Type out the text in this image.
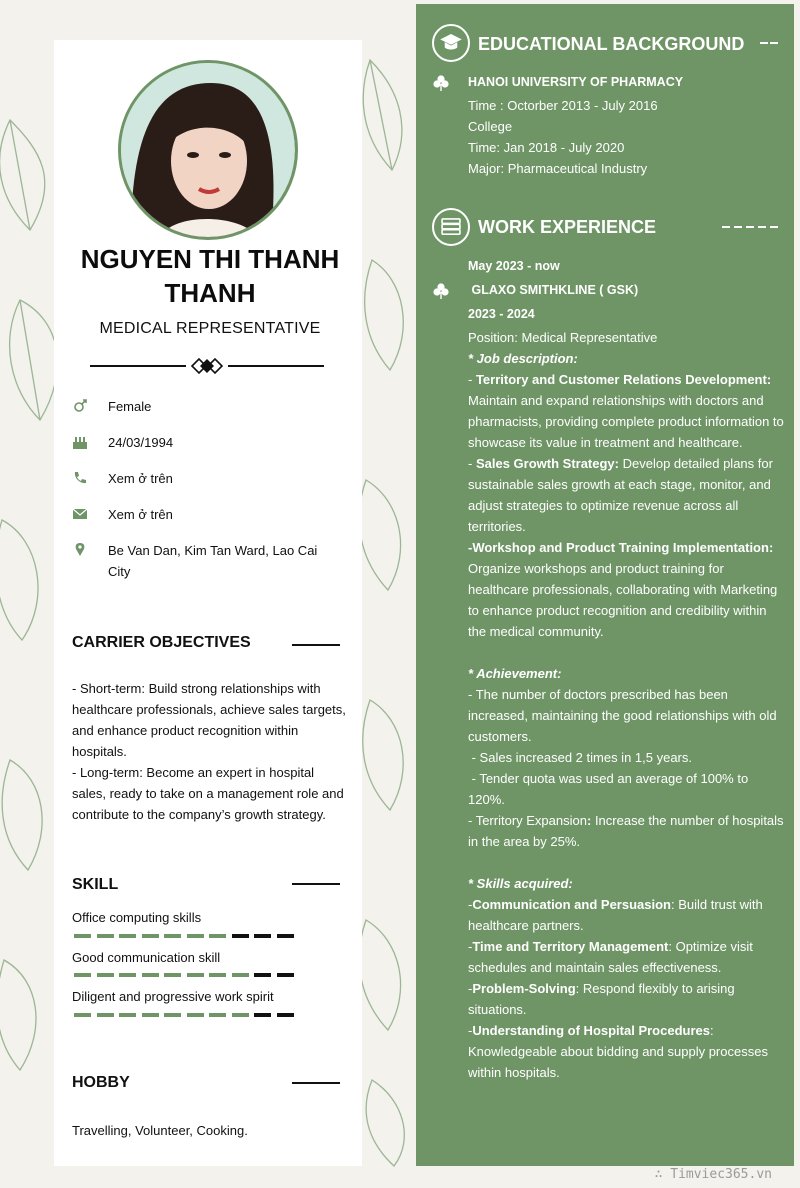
NGUYEN THI THANH THANH
MEDICAL REPRESENTATIVE
Female
24/03/1994
Xem ở trên
Xem ở trên
Be Van Dan, Kim Tan Ward, Lao Cai City
CARRIER OBJECTIVES
- Short-term: Build strong relationships with healthcare professionals, achieve sales targets, and enhance product recognition within hospitals.
- Long-term: Become an expert in hospital sales, ready to take on a management role and contribute to the company’s growth strategy.
SKILL
Office computing skills
Good communication skill
Diligent and progressive work spirit
HOBBY
Travelling, Volunteer, Cooking.
EDUCATIONAL BACKGROUND
HANOI UNIVERSITY OF PHARMACY
Time : Octorber 2013 - July 2016
College
Time: Jan 2018 - July 2020
Major: Pharmaceutical Industry
WORK EXPERIENCE
May 2023 - now
GLAXO SMITHKLINE ( GSK)
2023 - 2024
Position: Medical Representative
* Job description:
- Territory and Customer Relations Development:
Maintain and expand relationships with doctors and pharmacists, providing complete product information to showcase its value in treatment and healthcare.
- Sales Growth Strategy: Develop detailed plans for sustainable sales growth at each stage, monitor, and adjust strategies to optimize revenue across all territories.
-Workshop and Product Training Implementation:
Organize workshops and product training for healthcare professionals, collaborating with Marketing to enhance product recognition and credibility within the medical community.
* Achievement:
- The number of doctors prescribed has been increased, maintaining the good relationships with old customers.
- Sales increased 2 times in 1,5 years.
- Tender quota was used an average of 100% to 120%.
- Territory Expansion: Increase the number of hospitals in the area by 25%.
* Skills acquired:
-Communication and Persuasion: Build trust with healthcare partners.
-Time and Territory Management: Optimize visit schedules and maintain sales effectiveness.
-Problem-Solving: Respond flexibly to arising situations.
-Understanding of Hospital Procedures: Knowledgeable about bidding and supply processes within hospitals.
∴ Timviec365.vn
